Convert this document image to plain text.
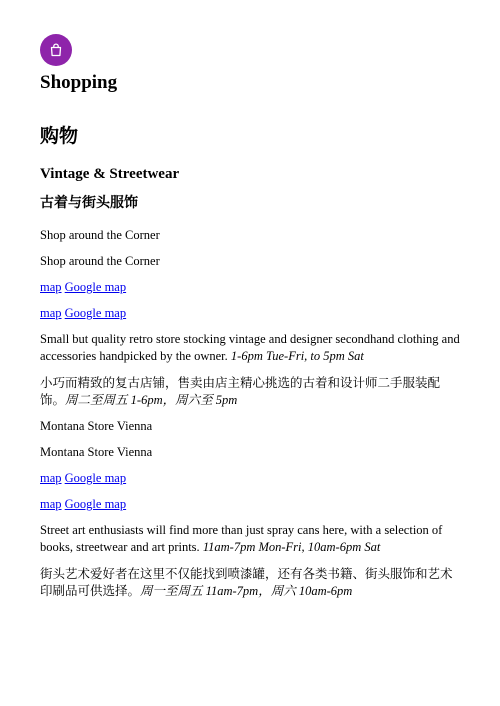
Shopping
购物
Vintage & Streetwear
古着与街头服饰

Shop around the Corner

Shop around the Corner

map Google map

map Google map

Small but quality retro store stocking vintage and designer secondhand clothing and accessories handpicked by the owner. 1-6pm Tue-Fri, to 5pm Sat

小巧而精致的复古店铺，售卖由店主精心挑选的古着和设计师二手服装配饰。周二至周五 1-6pm，周六至 5pm

Montana Store Vienna

Montana Store Vienna

map Google map

map Google map

Street art enthusiasts will find more than just spray cans here, with a selection of books, streetwear and art prints. 11am-7pm Mon-Fri, 10am-6pm Sat

街头艺术爱好者在这里不仅能找到喷漆罐，还有各类书籍、街头服饰和艺术印刷品可供选择。周一至周五 11am-7pm，周六 10am-6pm
